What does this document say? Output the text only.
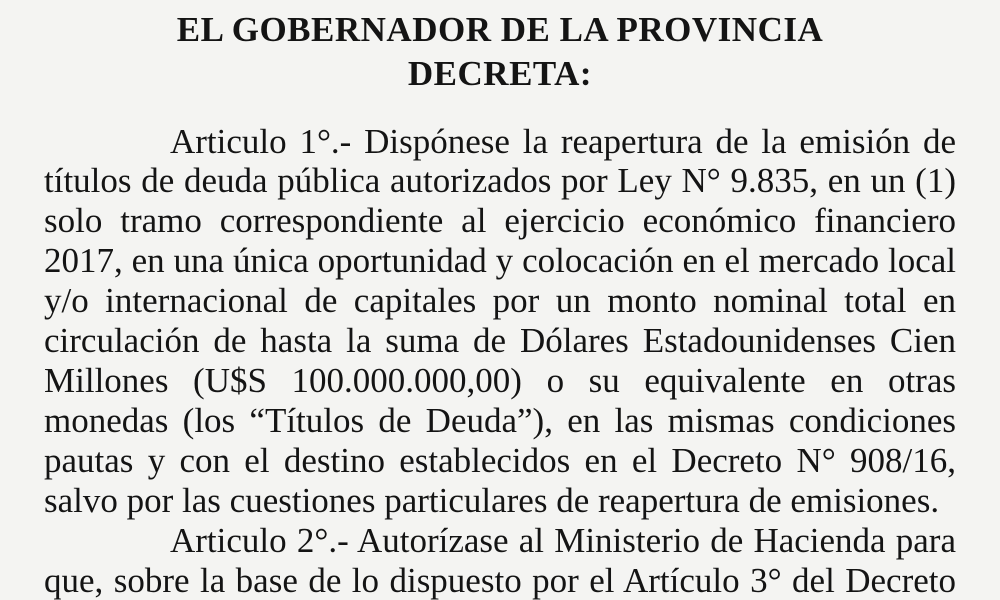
EL GOBERNADOR DE LA PROVINCIA
DECRETA:

Articulo 1°.- Dispónese la reapertura de la emisión de

títulos de deuda pública autorizados por Ley N° 9.835, en un (1)

solo tramo correspondiente al ejercicio económico financiero

2017, en una única oportunidad y colocación en el mercado local

y/o internacional de capitales por un monto nominal total en

circulación de hasta la suma de Dólares Estadounidenses Cien

Millones (U$S 100.000.000,00) o su equivalente en otras

monedas (los “Títulos de Deuda”), en las mismas condiciones

pautas y con el destino establecidos en el Decreto N° 908/16,

salvo por las cuestiones particulares de reapertura de emisiones.

Articulo 2°.- Autorízase al Ministerio de Hacienda para

que, sobre la base de lo dispuesto por el Artículo 3° del Decreto
